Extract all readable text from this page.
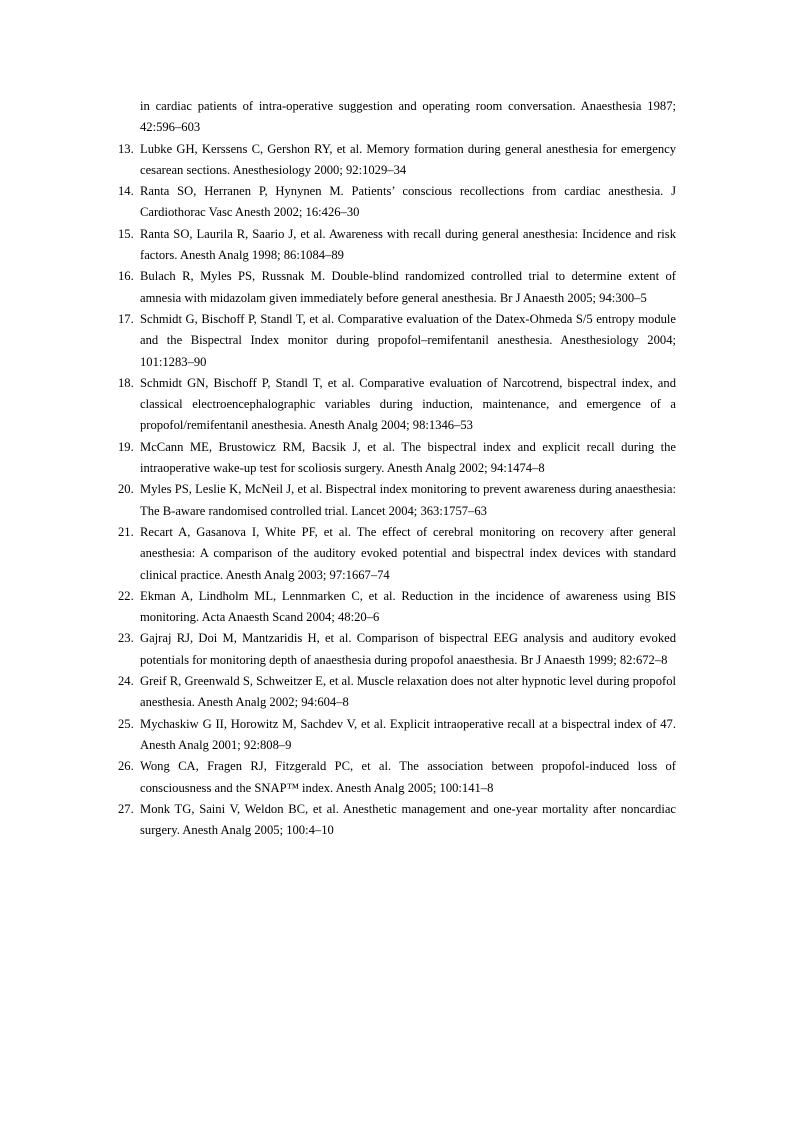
in cardiac patients of intra-operative suggestion and operating room conversation. Anaesthesia 1987; 42:596–603
13. Lubke GH, Kerssens C, Gershon RY, et al. Memory formation during general anesthesia for emergency cesarean sections. Anesthesiology 2000; 92:1029–34
14. Ranta SO, Herranen P, Hynynen M. Patients’ conscious recollections from cardiac anesthesia. J Cardiothorac Vasc Anesth 2002; 16:426–30
15. Ranta SO, Laurila R, Saario J, et al. Awareness with recall during general anesthesia: Incidence and risk factors. Anesth Analg 1998; 86:1084–89
16. Bulach R, Myles PS, Russnak M. Double-blind randomized controlled trial to determine extent of amnesia with midazolam given immediately before general anesthesia. Br J Anaesth 2005; 94:300–5
17. Schmidt G, Bischoff P, Standl T, et al. Comparative evaluation of the Datex-Ohmeda S/5 entropy module and the Bispectral Index monitor during propofol–remifentanil anesthesia. Anesthesiology 2004; 101:1283–90
18. Schmidt GN, Bischoff P, Standl T, et al. Comparative evaluation of Narcotrend, bispectral index, and classical electroencephalographic variables during induction, maintenance, and emergence of a propofol/remifentanil anesthesia. Anesth Analg 2004; 98:1346–53
19. McCann ME, Brustowicz RM, Bacsik J, et al. The bispectral index and explicit recall during the intraoperative wake-up test for scoliosis surgery. Anesth Analg 2002; 94:1474–8
20. Myles PS, Leslie K, McNeil J, et al. Bispectral index monitoring to prevent awareness during anaesthesia: The B-aware randomised controlled trial. Lancet 2004; 363:1757–63
21. Recart A, Gasanova I, White PF, et al. The effect of cerebral monitoring on recovery after general anesthesia: A comparison of the auditory evoked potential and bispectral index devices with standard clinical practice. Anesth Analg 2003; 97:1667–74
22. Ekman A, Lindholm ML, Lennmarken C, et al. Reduction in the incidence of awareness using BIS monitoring. Acta Anaesth Scand 2004; 48:20–6
23. Gajraj RJ, Doi M, Mantzaridis H, et al. Comparison of bispectral EEG analysis and auditory evoked potentials for monitoring depth of anaesthesia during propofol anaesthesia. Br J Anaesth 1999; 82:672–8
24. Greif R, Greenwald S, Schweitzer E, et al. Muscle relaxation does not alter hypnotic level during propofol anesthesia. Anesth Analg 2002; 94:604–8
25. Mychaskiw G II, Horowitz M, Sachdev V, et al. Explicit intraoperative recall at a bispectral index of 47. Anesth Analg 2001; 92:808–9
26. Wong CA, Fragen RJ, Fitzgerald PC, et al. The association between propofol-induced loss of consciousness and the SNAP™ index. Anesth Analg 2005; 100:141–8
27. Monk TG, Saini V, Weldon BC, et al. Anesthetic management and one-year mortality after noncardiac surgery. Anesth Analg 2005; 100:4–10
